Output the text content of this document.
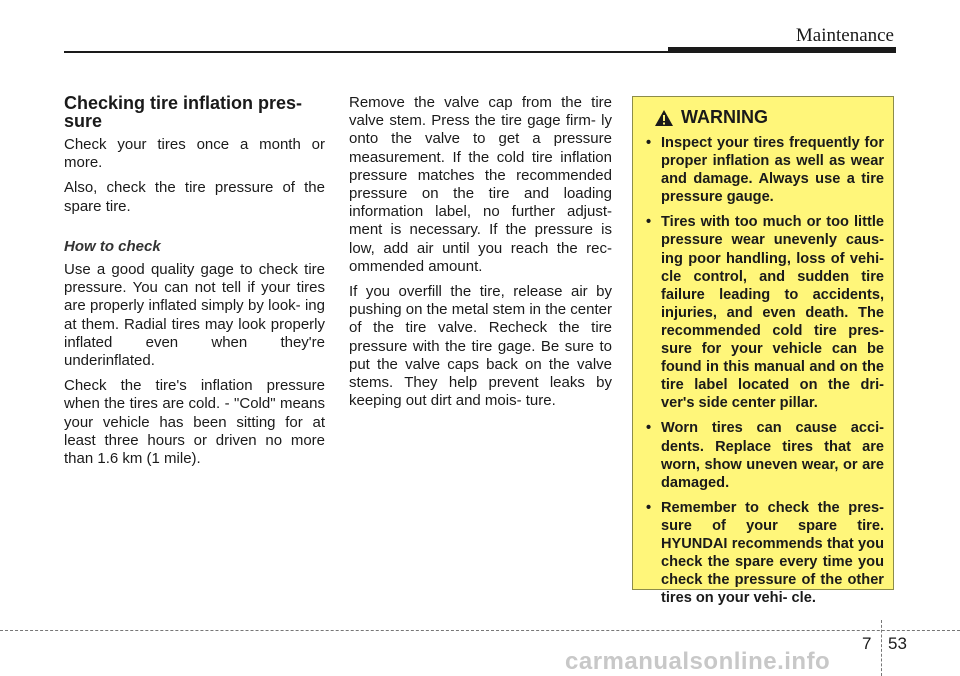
Maintenance
Checking tire inflation pres- sure

Check your tires once a month or more.

Also, check the tire pressure of the spare tire.

How to check

Use a good quality gage to check tire pressure. You can not tell if your tires are properly inflated simply by look- ing at them. Radial tires may look properly inflated even when they're underinflated.

Check the tire's inflation pressure when the tires are cold. - "Cold" means your vehicle has been sitting for at least three hours or driven no more than 1.6 km (1 mile).

Remove the valve cap from the tire valve stem. Press the tire gage firm- ly onto the valve to get a pressure measurement. If the cold tire inflation pressure matches the recommended pressure on the tire and loading information label, no further adjust- ment is necessary. If the pressure is low, add air until you reach the rec- ommended amount.

If you overfill the tire, release air by pushing on the metal stem in the center of the tire valve. Recheck the tire pressure with the tire gage. Be sure to put the valve caps back on the valve stems. They help prevent leaks by keeping out dirt and mois- ture.

WARNING
• Inspect your tires frequently for proper inflation as well as wear and damage. Always use a tire pressure gauge.
• Tires with too much or too little pressure wear unevenly caus- ing poor handling, loss of vehi- cle control, and sudden tire failure leading to accidents, injuries, and even death. The recommended cold tire pres- sure for your vehicle can be found in this manual and on the tire label located on the dri- ver's side center pillar.
• Worn tires can cause acci- dents. Replace tires that are worn, show uneven wear, or are damaged.
• Remember to check the pres- sure of your spare tire. HYUNDAI recommends that you check the spare every time you check the pressure of the other tires on your vehi- cle.
7 53
carmanualsonline.info
